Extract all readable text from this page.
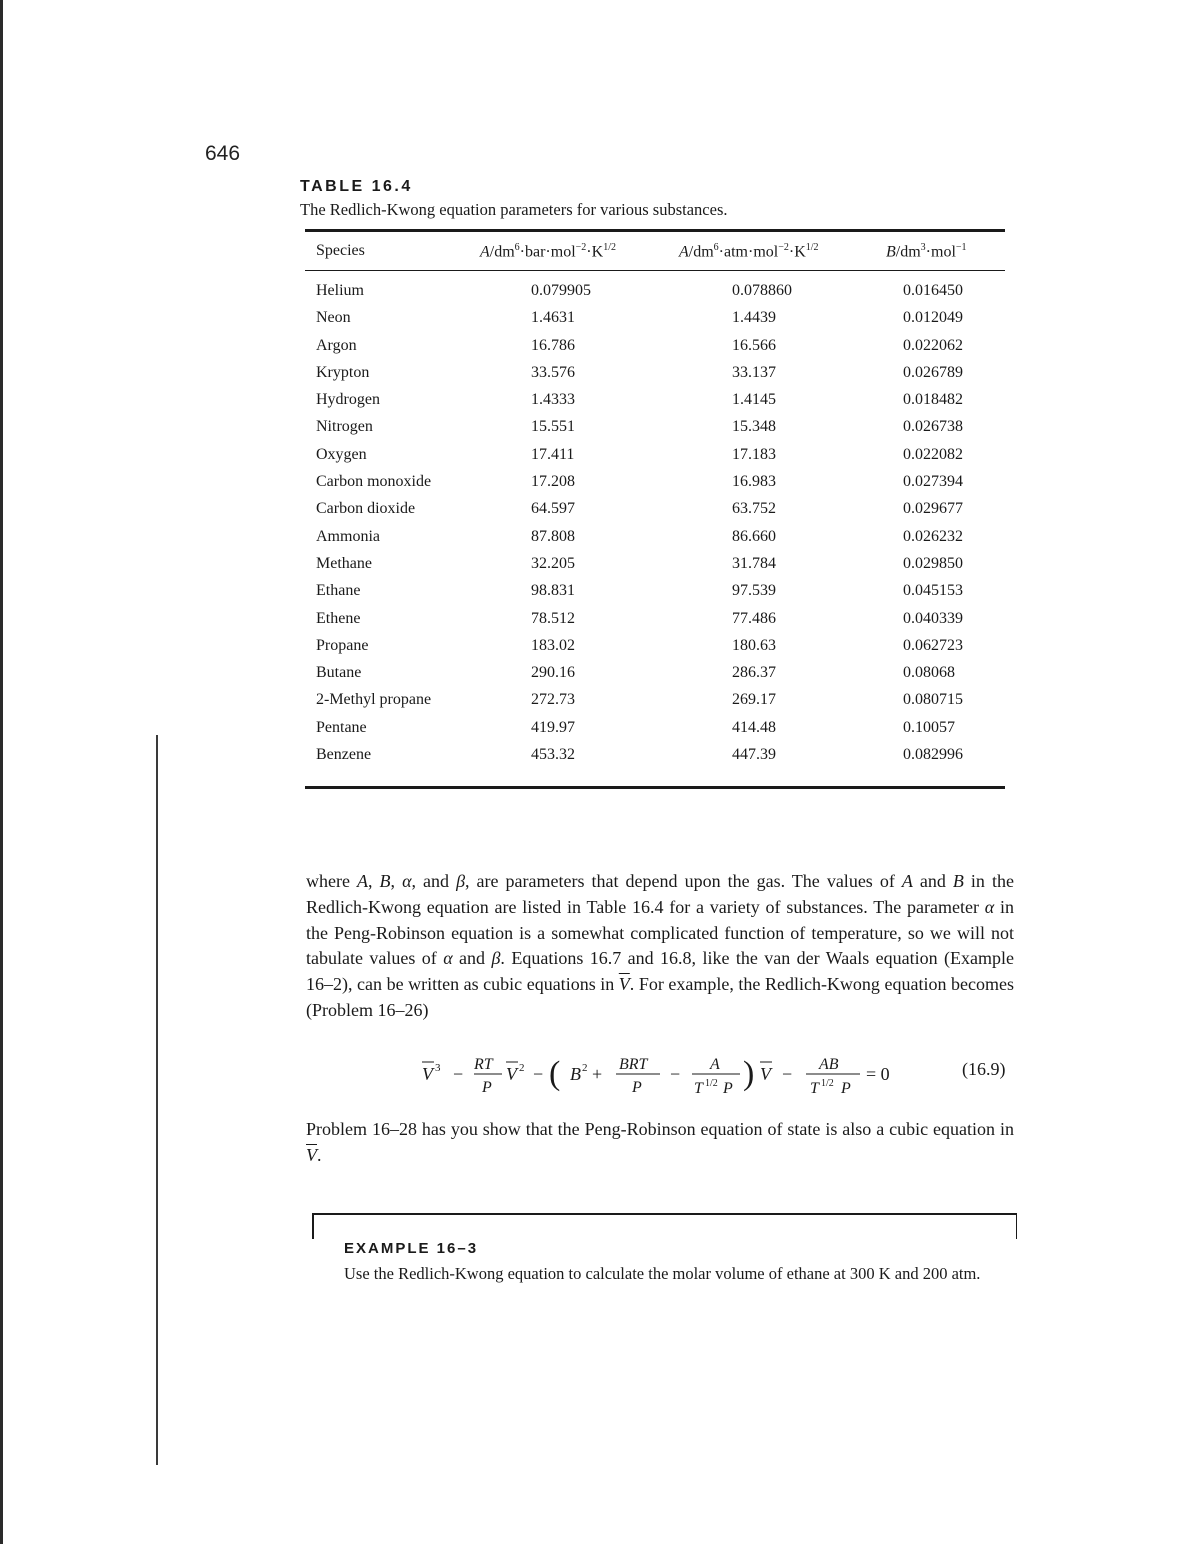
646
TABLE 16.4
The Redlich-Kwong equation parameters for various substances.
Species	$A/dm^6\cdot bar\cdot mol^{-2}\cdot K^{1/2}$	$A/dm^6\cdot atm\cdot mol^{-2}\cdot K^{1/2}$	$B/dm^3\cdot mol^{-1}$
Helium	0.079905	0.078860	0.016450
Neon	1.4631	1.4439	0.012049
Argon	16.786	16.566	0.022062
Krypton	33.576	33.137	0.026789
Hydrogen	1.4333	1.4145	0.018482
Nitrogen	15.551	15.348	0.026738
Oxygen	17.411	17.183	0.022082
Carbon monoxide	17.208	16.983	0.027394
Carbon dioxide	64.597	63.752	0.029677
Ammonia	87.808	86.660	0.026232
Methane	32.205	31.784	0.029850
Ethane	98.831	97.539	0.045153
Ethene	78.512	77.486	0.040339
Propane	183.02	180.63	0.062723
Butane	290.16	286.37	0.08068
2-Methyl propane	272.73	269.17	0.080715
Pentane	419.97	414.48	0.10057
Benzene	453.32	447.39	0.082996
where A, B, α, and β, are parameters that depend upon the gas. The values of A and B in the Redlich-Kwong equation are listed in Table 16.4 for a variety of substances. The parameter α in the Peng-Robinson equation is a somewhat complicated function of temperature, so we will not tabulate values of α and β. Equations 16.7 and 16.8, like the van der Waals equation (Example 16–2), can be written as cubic equations in $\overline{V}$. For example, the Redlich-Kwong equation becomes (Problem 16–26)
V 3 − RT
P
V 2 − ( B 2 + BRT
P
− A
T 1/2 P ) V − AB
T 1/2 P
= 0	(16.9)
Problem 16–28 has you show that the Peng-Robinson equation of state is also a cubic equation in $\overline{V}$.
EXAMPLE 16–3
Use the Redlich-Kwong equation to calculate the molar volume of ethane at 300 K and 200 atm.
